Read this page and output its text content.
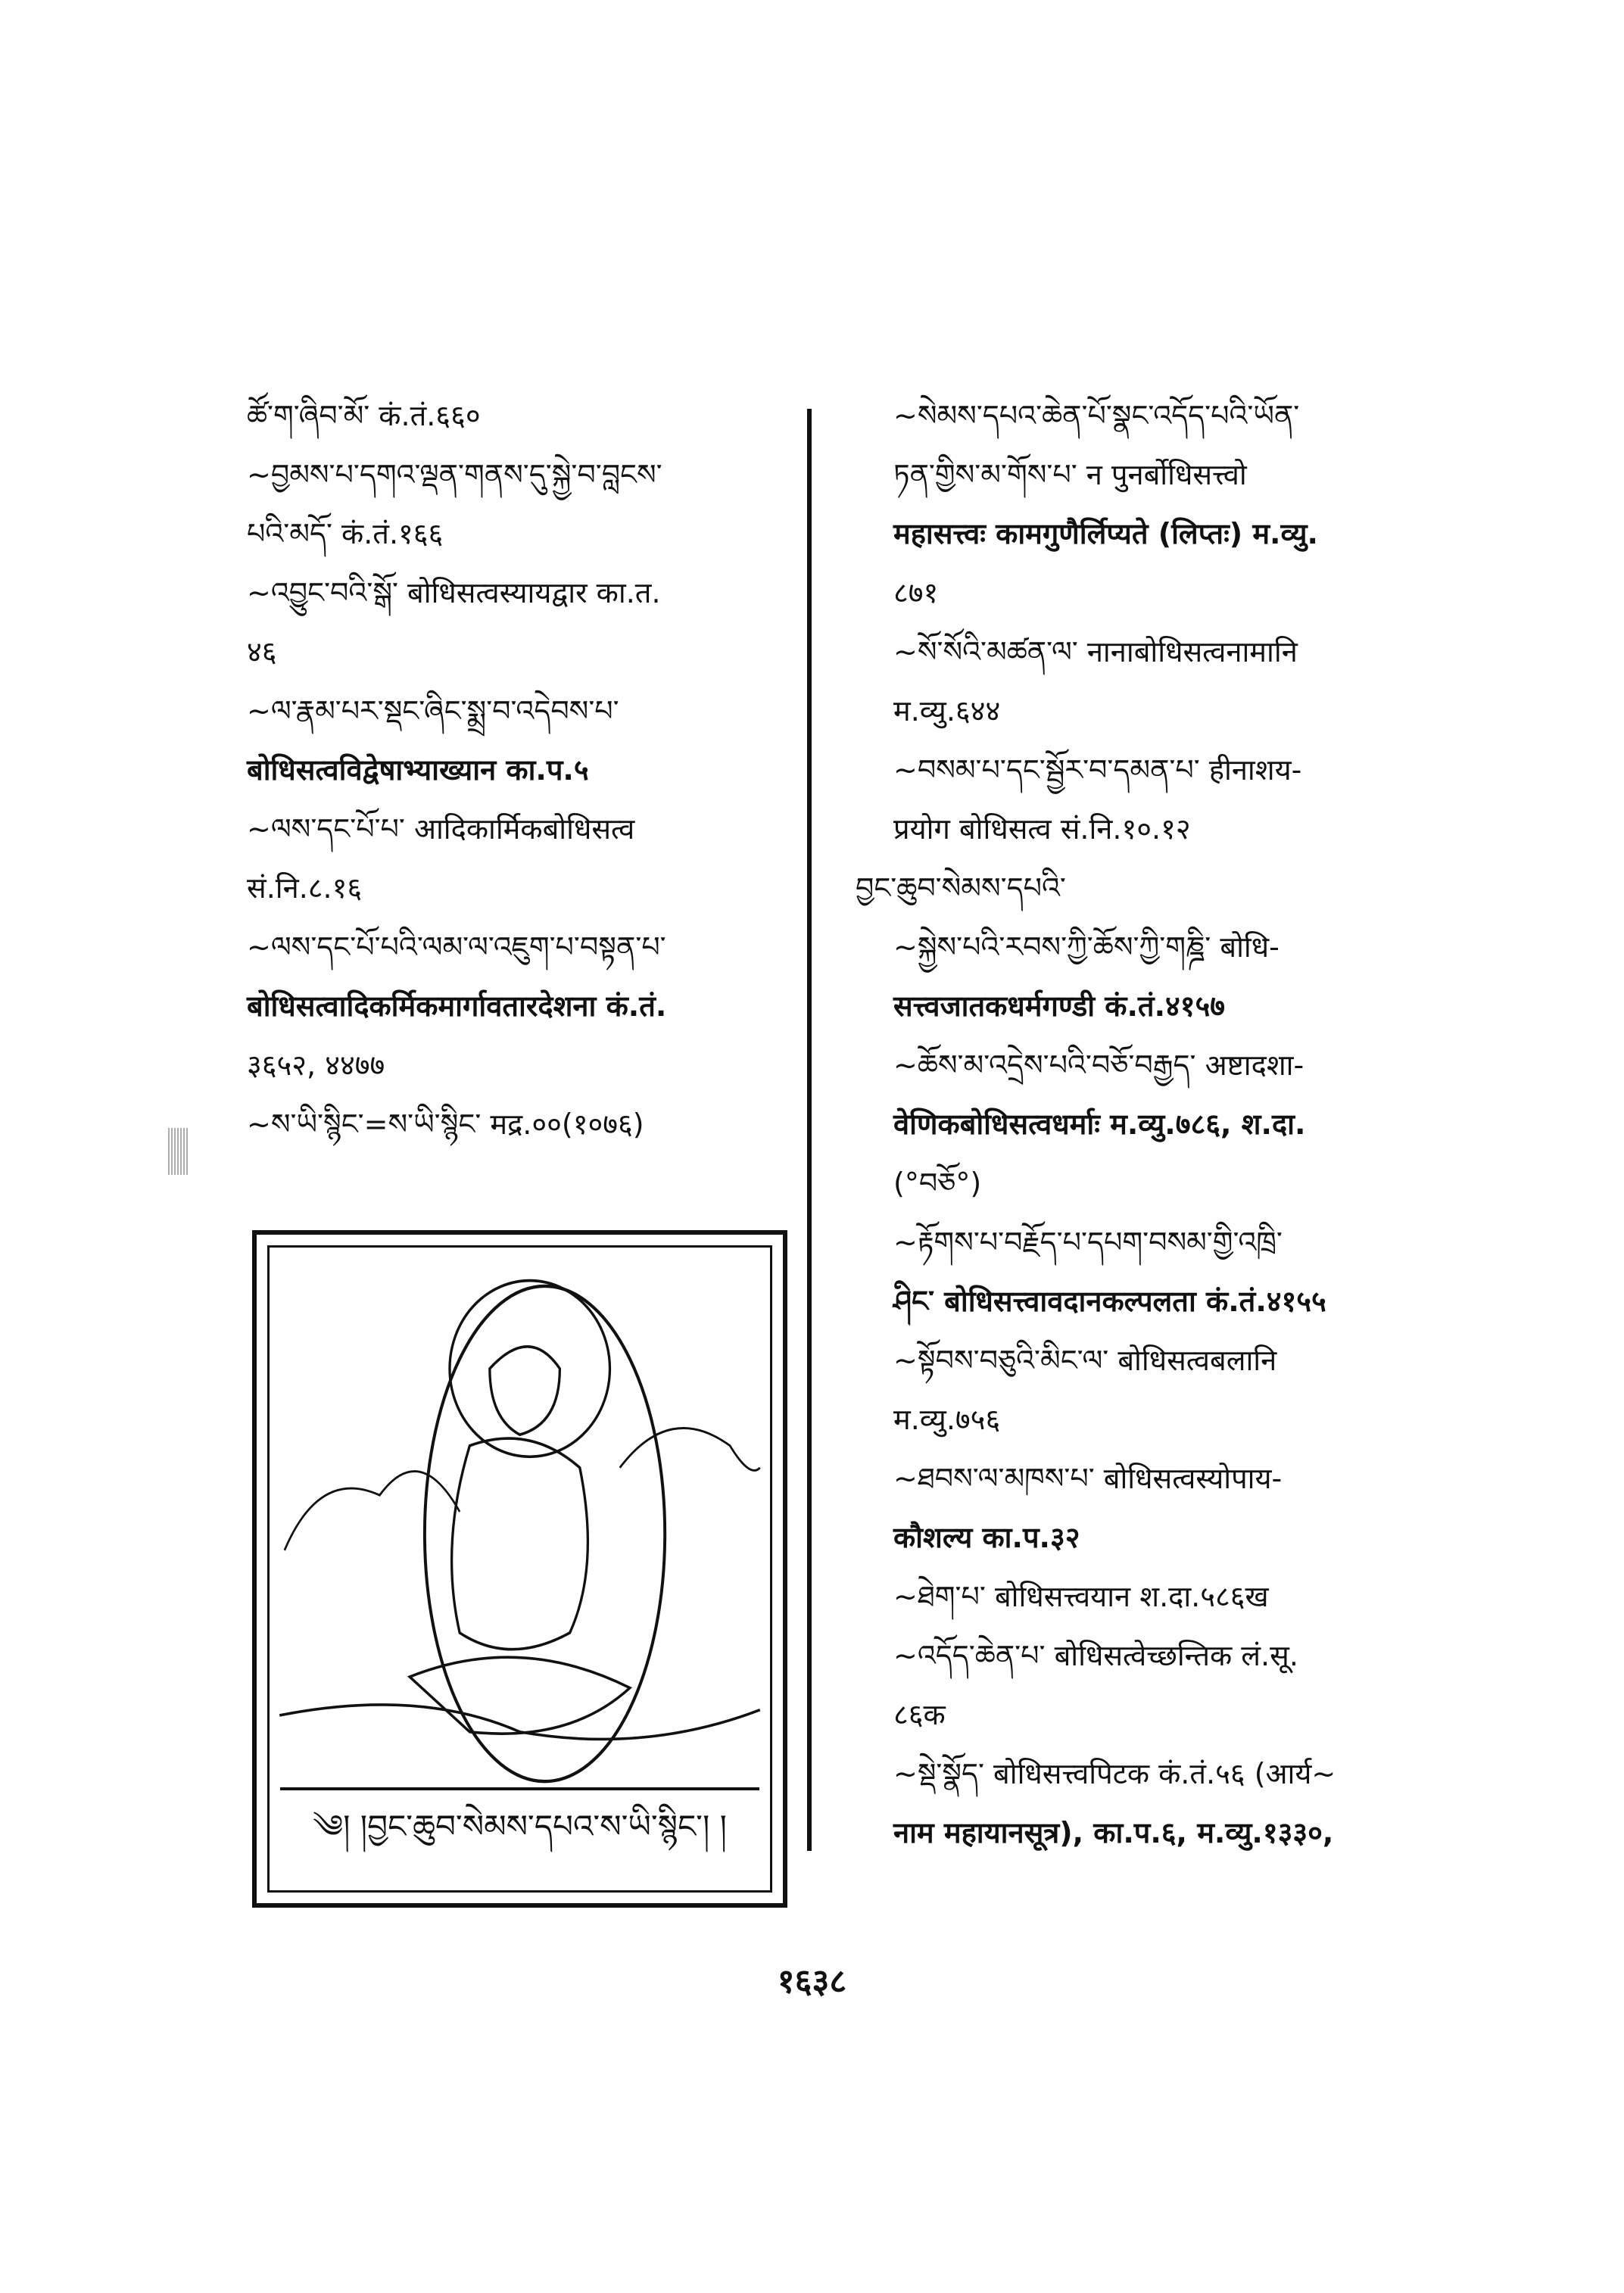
ཚོ་ག་ཞིབ་མོ་ कं.तं.६६०
~བྱམས་པ་དགའ་ལྡན་གནས་དུ་སྐྱེ་བ་བླངས་
པའི་མདོ་ कं.तं.१६६
~འབྱུང་བའི་སྒོ་ बोधिसत्वस्यायद्वार का.त.
४६
~ལ་རྣམ་པར་སྡང་ཞིང་སྨྲ་བ་འདེབས་པ་
बोधिसत्वविद्वेषाभ्याख्यान का.प.५
~ལས་དང་པོ་པ་ आदिकार्मिकबोधिसत्व
सं.नि.८.१६
~ལས་དང་པོ་པའི་ལམ་ལ་འཇུག་པ་བསྟན་པ་
बोधिसत्वादिकर्मिकमार्गावतारदेशना कं.तं.
३६५२, ४४७७
~ས་ཡི་སྙིང་=ས་ཡི་སྙིང་ मद्र.००(१०७६)
~སེམས་དཔའ་ཆེན་པོ་སྣང་འདོད་པའི་ཡོན་
ཏན་གྱིས་མ་གོས་པ་ न पुनर्बोधिसत्त्वो
महासत्त्वः कामगुणैर्लिप्यते (लिप्तः) म.व्यु.
८७१
~སོ་སོའི་མཚན་ལ་ नानाबोधिसत्वनामानि
म.व्यु.६४४
~བསམ་པ་དང་སྦྱོར་བ་དམན་པ་ हीनाशय-
प्रयोग बोधिसत्व सं.नि.१०.१२
བྱང་ཆུབ་སེམས་དཔའི་
~སྐྱེས་པའི་རབས་ཀྱི་ཆོས་ཀྱི་གཎྜི་ बोधि-
सत्त्वजातकधर्मगण्डी कं.तं.४१५७
~ཆོས་མ་འདྲེས་པའི་བཅོ་བརྒྱད་ अष्टादशा-
वेणिकबोधिसत्वधर्माः म.व्यु.७८६, श.दा.
(°བཅོ°)
~རྟོགས་པ་བརྗོད་པ་དཔག་བསམ་གྱི་འཁྲི་
ཤིང་ बोधिसत्त्वावदानकल्पलता कं.तं.४१५५
~སྟོབས་བཅུའི་མིང་ལ་ बोधिसत्वबलानि
म.व्यु.७५६
~ཐབས་ལ་མཁས་པ་ बोधिसत्वस्योपाय-
कौशल्य का.प.३२
~ཐེག་པ་ बोधिसत्त्वयान श.दा.५८६ख
~འདོད་ཆེན་པ་ बोधिसत्वेच्छन्तिक लं.सू.
८६क
~སྡེ་སྣོད་ बोधिसत्त्वपिटक कं.तं.५६ (आर्य~
नाम महायानसूत्र), का.प.६, म.व्यु.१३३०,
༄། །བྱང་ཆུབ་སེམས་དཔའ་ས་ཡི་སྙིང་། །
१६३८
